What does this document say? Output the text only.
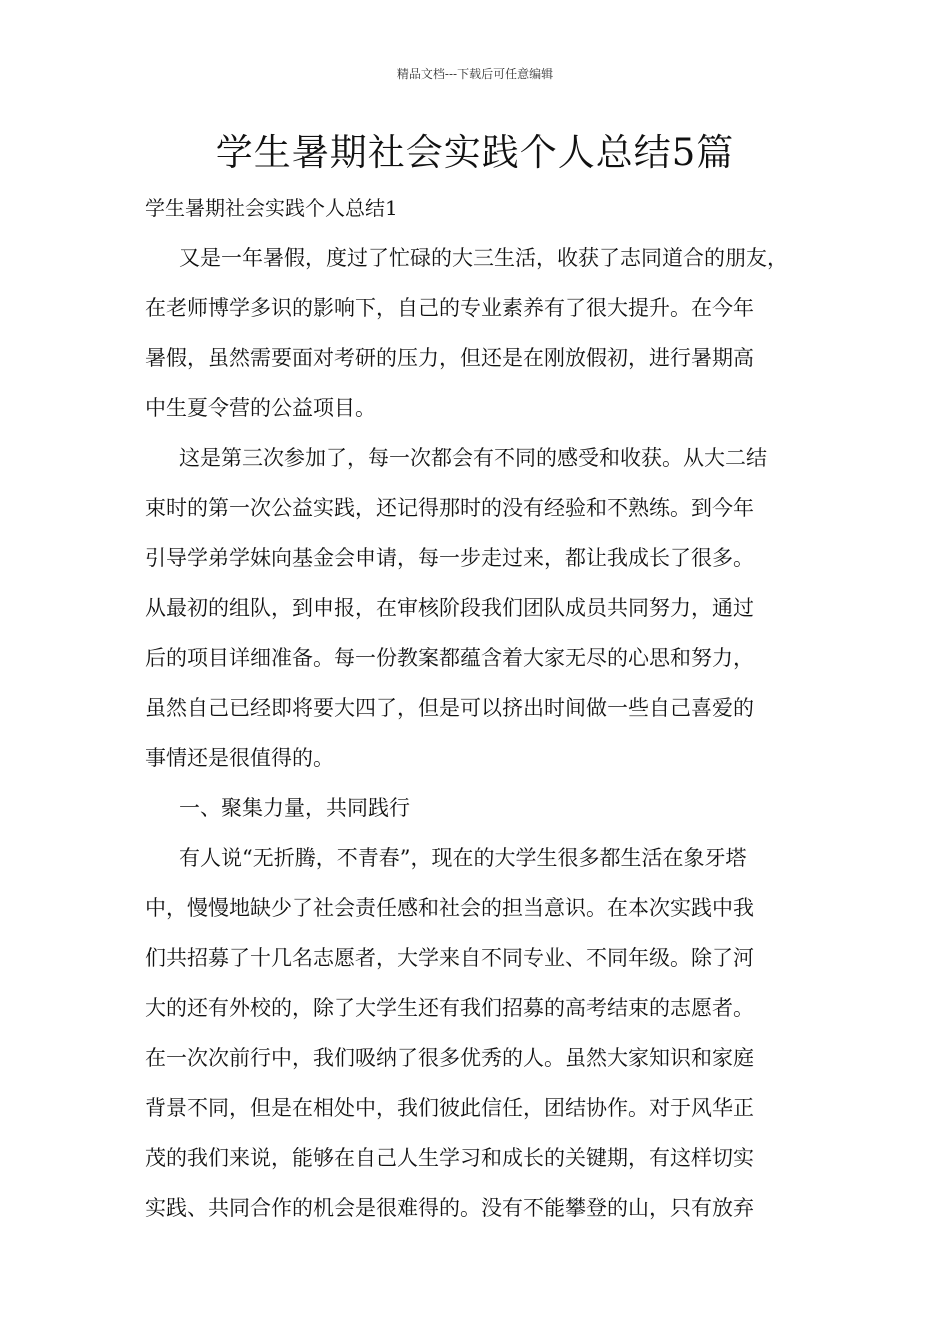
精品文档---下载后可任意编辑
学生暑期社会实践个人总结5篇

学生暑期社会实践个人总结1

又是一年暑假，度过了忙碌的大三生活，收获了志同道合的朋友，
在老师博学多识的影响下，自己的专业素养有了很大提升。在今年
暑假，虽然需要面对考研的压力，但还是在刚放假初，进行暑期高
中生夏令营的公益项目。

这是第三次参加了，每一次都会有不同的感受和收获。从大二结
束时的第一次公益实践，还记得那时的没有经验和不熟练。到今年
引导学弟学妹向基金会申请，每一步走过来，都让我成长了很多。
从最初的组队，到申报，在审核阶段我们团队成员共同努力，通过
后的项目详细准备。每一份教案都蕴含着大家无尽的心思和努力，
虽然自己已经即将要大四了，但是可以挤出时间做一些自己喜爱的
事情还是很值得的。

一、聚集力量，共同践行

有人说“无折腾，不青春”，现在的大学生很多都生活在象牙塔
中，慢慢地缺少了社会责任感和社会的担当意识。在本次实践中我
们共招募了十几名志愿者，大学来自不同专业、不同年级。除了河
大的还有外校的，除了大学生还有我们招募的高考结束的志愿者。
在一次次前行中，我们吸纳了很多优秀的人。虽然大家知识和家庭
背景不同，但是在相处中，我们彼此信任，团结协作。对于风华正
茂的我们来说，能够在自己人生学习和成长的关键期，有这样切实
实践、共同合作的机会是很难得的。没有不能攀登的山，只有放弃
